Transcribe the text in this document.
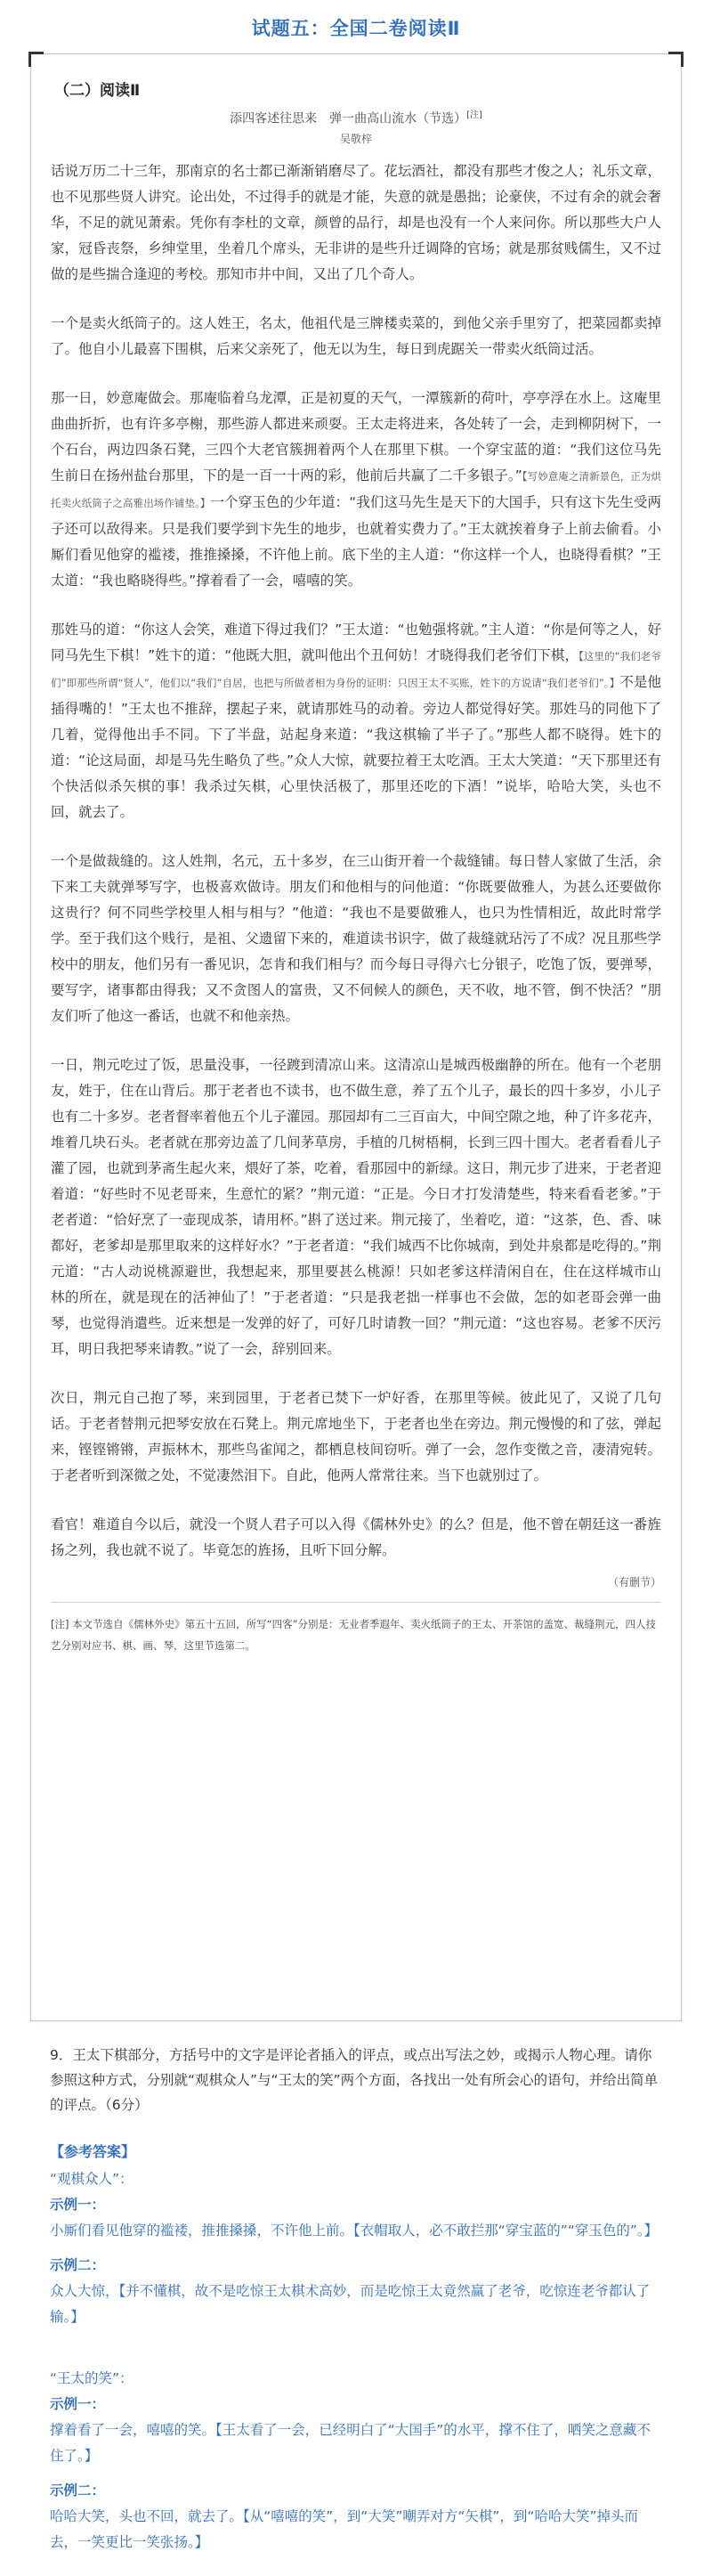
试题五：全国二卷阅读Ⅱ
（二）阅读Ⅱ

添四客述往思来　弹一曲高山流水（节选）[注]

吴敬梓

话说万历二十三年，那南京的名士都已渐渐销磨尽了。花坛酒社，都没有那些才俊之人；礼乐文章，也不见那些贤人讲究。论出处，不过得手的就是才能，失意的就是愚拙；论豪侠，不过有余的就会奢华，不足的就见萧索。凭你有李杜的文章，颜曾的品行，却是也没有一个人来问你。所以那些大户人家，冠昏丧祭，乡绅堂里，坐着几个席头，无非讲的是些升迁调降的官场；就是那贫贱儒生，又不过做的是些揣合逢迎的考校。那知市井中间，又出了几个奇人。

一个是卖火纸筒子的。这人姓王，名太，他祖代是三牌楼卖菜的，到他父亲手里穷了，把菜园都卖掉了。他自小儿最喜下围棋，后来父亲死了，他无以为生，每日到虎踞关一带卖火纸筒过活。

那一日，妙意庵做会。那庵临着乌龙潭，正是初夏的天气，一潭簇新的荷叶，亭亭浮在水上。这庵里曲曲折折，也有许多亭榭，那些游人都进来顽耍。王太走将进来，各处转了一会，走到柳阴树下，一个石台，两边四条石凳，三四个大老官簇拥着两个人在那里下棋。一个穿宝蓝的道：“我们这位马先生前日在扬州盐台那里，下的是一百一十两的彩，他前后共赢了二千多银子。”【写妙意庵之清新景色，正为烘托卖火纸筒子之高雅出场作铺垫。】一个穿玉色的少年道：“我们这马先生是天下的大国手，只有这卞先生受两子还可以敌得来。只是我们要学到卞先生的地步，也就着实费力了。”王太就挨着身子上前去偷看。小厮们看见他穿的褴褛，推推搡搡，不许他上前。底下坐的主人道：“你这样一个人，也晓得看棋？”王太道：“我也略晓得些。”撑着看了一会，嘻嘻的笑。

那姓马的道：“你这人会笑，难道下得过我们？”王太道：“也勉强将就。”主人道：“你是何等之人，好同马先生下棋！”姓卞的道：“他既大胆，就叫他出个丑何妨！才晓得我们老爷们下棋，【这里的“我们老爷们”即那些所谓“贤人”，他们以“我们”自居，也把与所做者相为身份的证明：只因王太不买账，姓卞的方说请“我们老爷们”。】不是他插得嘴的！”王太也不推辞，摆起子来，就请那姓马的动着。旁边人都觉得好笑。那姓马的同他下了几着，觉得他出手不同。下了半盘，站起身来道：“我这棋输了半子了。”那些人都不晓得。姓卞的道：“论这局面，却是马先生略负了些。”众人大惊，就要拉着王太吃酒。王太大笑道：“天下那里还有个快活似杀矢棋的事！我杀过矢棋，心里快活极了，那里还吃的下酒！”说毕，哈哈大笑，头也不回，就去了。

一个是做裁缝的。这人姓荆，名元，五十多岁，在三山街开着一个裁缝铺。每日替人家做了生活，余下来工夫就弹琴写字，也极喜欢做诗。朋友们和他相与的问他道：“你既要做雅人，为甚么还要做你这贵行？何不同些学校里人相与相与？”他道：“我也不是要做雅人，也只为性情相近，故此时常学学。至于我们这个贱行，是祖、父遗留下来的，难道读书识字，做了裁缝就玷污了不成？况且那些学校中的朋友，他们另有一番见识，怎肯和我们相与？而今每日寻得六七分银子，吃饱了饭，要弹琴，要写字，诸事都由得我；又不贪图人的富贵，又不伺候人的颜色，天不收，地不管，倒不快活？”朋友们听了他这一番话，也就不和他亲热。

一日，荆元吃过了饭，思量没事，一径踱到清凉山来。这清凉山是城西极幽静的所在。他有一个老朋友，姓于，住在山背后。那于老者也不读书，也不做生意，养了五个儿子，最长的四十多岁，小儿子也有二十多岁。老者督率着他五个儿子灌园。那园却有二三百亩大，中间空隙之地，种了许多花卉，堆着几块石头。老者就在那旁边盖了几间茅草房，手植的几树梧桐，长到三四十围大。老者看看儿子灌了园，也就到茅斋生起火来，煨好了茶，吃着，看那园中的新绿。这日，荆元步了进来，于老者迎着道：“好些时不见老哥来，生意忙的紧？”荆元道：“正是。今日才打发清楚些，特来看看老爹。”于老者道：“恰好烹了一壶现成茶，请用杯。”斟了送过来。荆元接了，坐着吃，道：“这茶，色、香、味都好，老爹却是那里取来的这样好水？”于老者道：“我们城西不比你城南，到处井泉都是吃得的。”荆元道：“古人动说桃源避世，我想起来，那里要甚么桃源！只如老爹这样清闲自在，住在这样城市山林的所在，就是现在的活神仙了！”于老者道：“只是我老拙一样事也不会做，怎的如老哥会弹一曲琴，也觉得消遣些。近来想是一发弹的好了，可好几时请教一回？”荆元道：“这也容易。老爹不厌污耳，明日我把琴来请教。”说了一会，辞别回来。

次日，荆元自己抱了琴，来到园里，于老者已焚下一炉好香，在那里等候。彼此见了，又说了几句话。于老者替荆元把琴安放在石凳上。荆元席地坐下，于老者也坐在旁边。荆元慢慢的和了弦，弹起来，铿铿锵锵，声振林木，那些鸟雀闻之，都栖息枝间窃听。弹了一会，忽作变徵之音，凄清宛转。于老者听到深微之处，不觉凄然泪下。自此，他两人常常往来。当下也就别过了。

看官！难道自今以后，就没一个贤人君子可以入得《儒林外史》的么？但是，他不曾在朝廷这一番旌扬之列，我也就不说了。毕竟怎的旌扬，且听下回分解。

（有删节）
[注] 本文节选自《儒林外史》第五十五回，所写“四客”分别是：无业者季遐年、卖火纸筒子的王太、开茶馆的盖宽、裁缝荆元，四人技艺分别对应书、棋、画、琴，这里节选第二。
9．王太下棋部分，方括号中的文字是评论者插入的评点，或点出写法之妙，或揭示人物心理。请你参照这种方式，分别就“观棋众人”与“王太的笑”两个方面，各找出一处有所会心的语句，并给出简单的评点。（6分）

【参考答案】

“观棋众人”：

示例一：

小厮们看见他穿的褴褛，推推搡搡，不许他上前。【衣帽取人，必不敢拦那“穿宝蓝的”“穿玉色的”。】

示例二：

众人大惊，【并不懂棋，故不是吃惊王太棋术高妙，而是吃惊王太竟然赢了老爷，吃惊连老爷都认了输。】

“王太的笑”：

示例一：

撑着看了一会，嘻嘻的笑。【王太看了一会，已经明白了“大国手”的水平，撑不住了，哂笑之意藏不住了。】

示例二：

哈哈大笑，头也不回，就去了。【从“嘻嘻的笑”，到“大笑”嘲弄对方“矢棋”，到“哈哈大笑”掉头而去，一笑更比一笑张扬。】
